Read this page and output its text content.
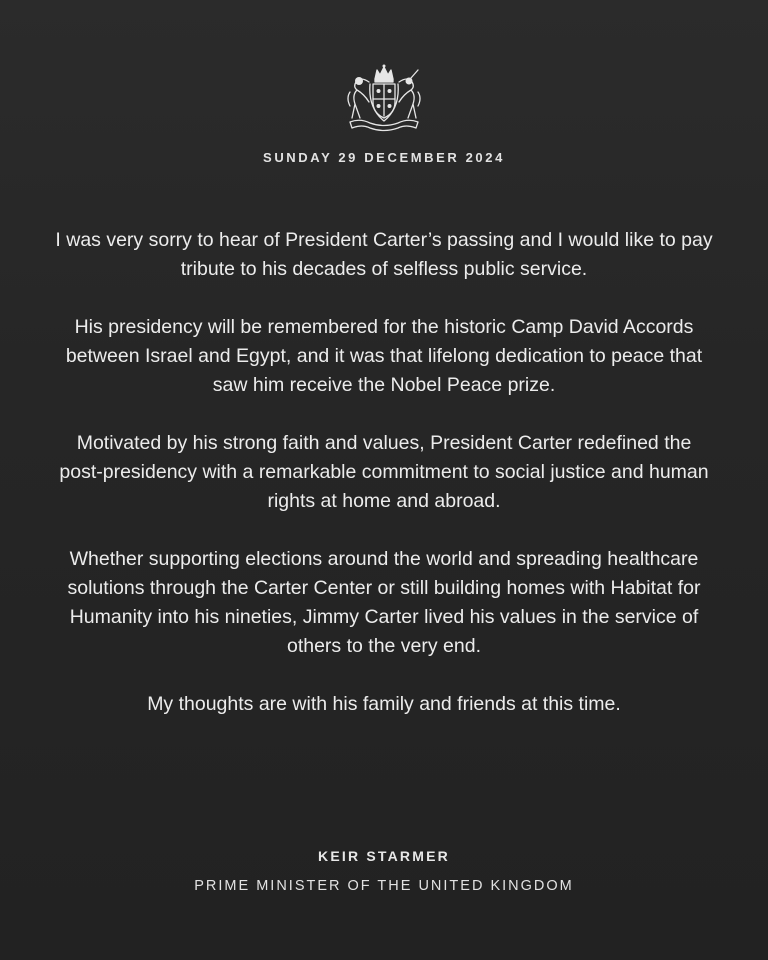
SUNDAY 29 DECEMBER 2024

I was very sorry to hear of President Carter’s passing and I would like to pay tribute to his decades of selfless public service.

His presidency will be remembered for the historic Camp David Accords between Israel and Egypt, and it was that lifelong dedication to peace that saw him receive the Nobel Peace prize.

Motivated by his strong faith and values, President Carter redefined the post-presidency with a remarkable commitment to social justice and human rights at home and abroad.

Whether supporting elections around the world and spreading healthcare solutions through the Carter Center or still building homes with Habitat for Humanity into his nineties, Jimmy Carter lived his values in the service of others to the very end.

My thoughts are with his family and friends at this time.

KEIR STARMER
PRIME MINISTER OF THE UNITED KINGDOM
